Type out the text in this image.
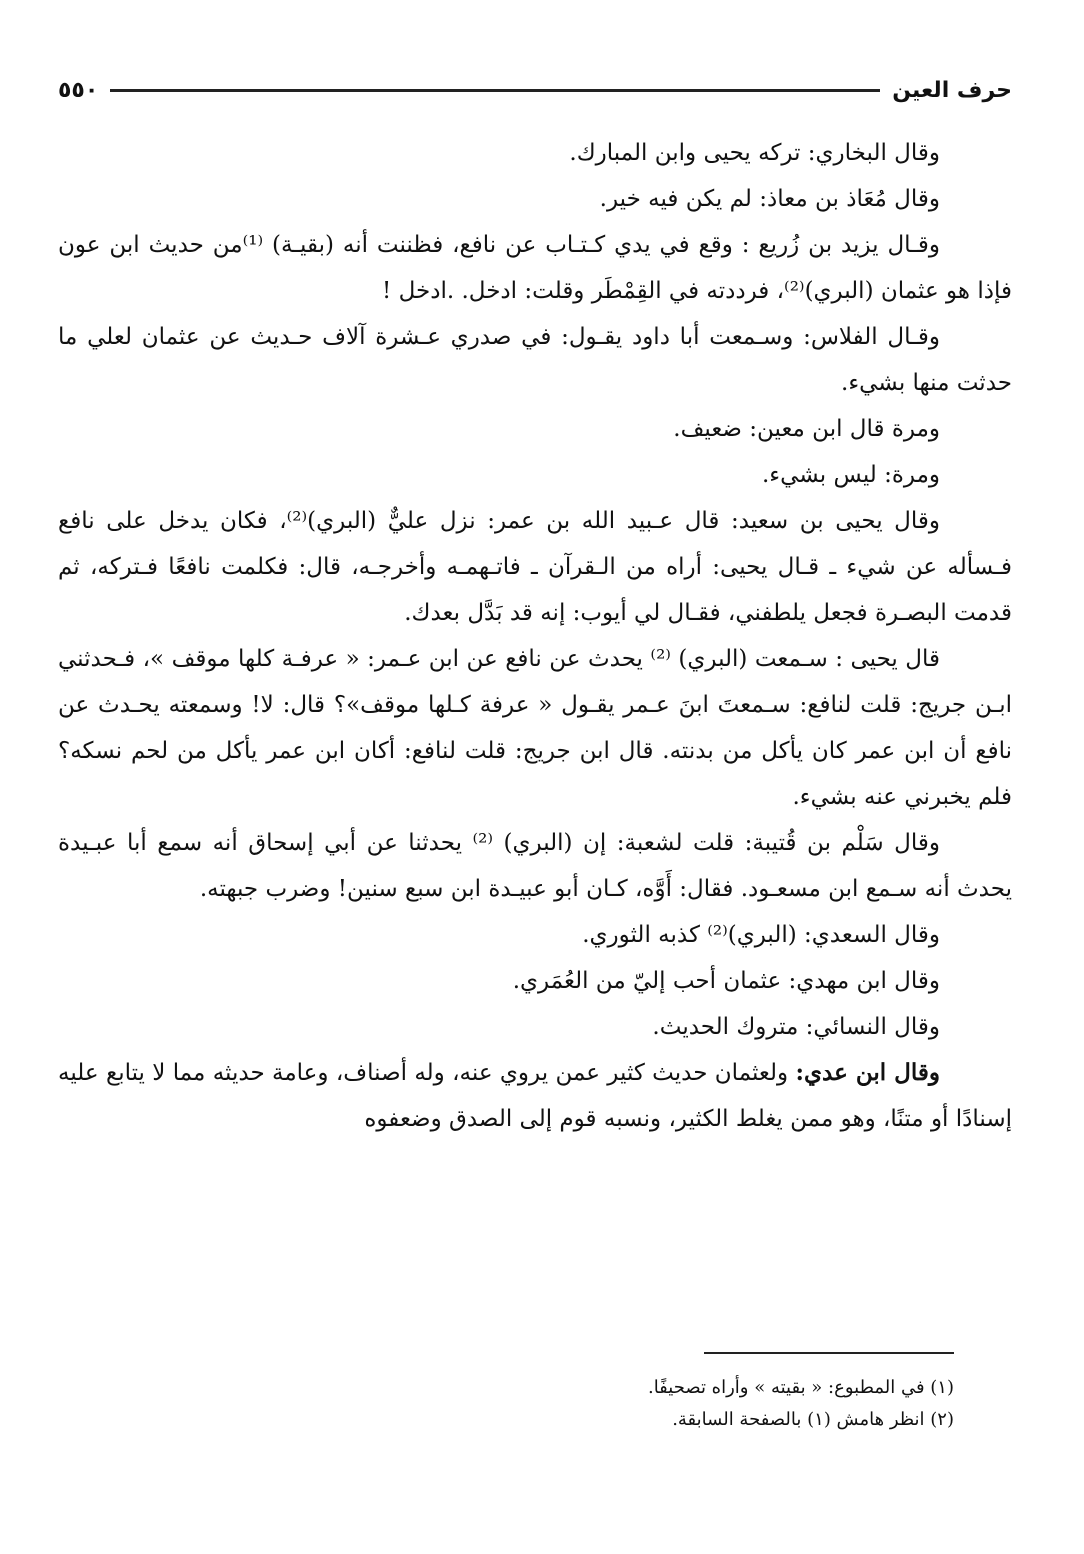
حرف العين
٥٥٠

وقال البخاري: تركه يحيى وابن المبارك.

وقال مُعَاذ بن معاذ: لم يكن فيه خير.

وقـال يزيد بن زُريع : وقع في يدي كـتـاب عن نافع، فظننت أنه (بقيـة) ⁽¹⁾من حديث ابن عون فإذا هو عثمان (البري)⁽²⁾، فرددته في القِمْطَر وقلت: ادخل. .ادخل !

وقـال الفلاس: وسـمعت أبا داود يقـول: في صدري عـشرة آلاف حـديث عن عثمان لعلي ما حدثت منها بشيء.

ومرة قال ابن معين: ضعيف.

ومرة: ليس بشيء.

وقال يحيى بن سعيد: قال عـبيد الله بن عمر: نزل عليٌّ (البري)⁽²⁾، فكان يدخل على نافع فـسأله عن شيء ـ قـال يحيى: أراه من الـقرآن ـ فاتـهمـه وأخرجـه، قال: فكلمت نافعًا فـتركه، ثم قدمت البصـرة فجعل يلطفني، فقـال لي أيوب: إنه قد بَدَّل بعدك.

قال يحيى : سـمعت (البري) ⁽²⁾ يحدث عن نافع عن ابن عـمر: « عرفـة كلها موقف »، فـحدثني ابـن جريج: قلت لنافع: سـمعتَ ابنَ عـمر يقـول « عرفة كـلها موقف»؟ قال: لا! وسمعته يحـدث عن نافع أن ابن عمر كان يأكل من بدنته. قال ابن جريج: قلت لنافع: أكان ابن عمر يأكل من لحم نسكه؟ فلم يخبرني عنه بشيء.

وقال سَلْم بن قُتيبة: قلت لشعبة: إن (البري) ⁽²⁾ يحدثنا عن أبي إسحاق أنه سمع أبا عبـيدة يحدث أنه سـمع ابن مسعـود. فقال: أَوَّه، كـان أبو عبيـدة ابن سبع سنين! وضرب جبهته.

وقال السعدي: (البري)⁽²⁾ كذبه الثوري.

وقال ابن مهدي: عثمان أحب إليّ من العُمَري.

وقال النسائي: متروك الحديث.

وقال ابن عدي: ولعثمان حديث كثير عمن يروي عنه، وله أصناف، وعامة حديثه مما لا يتابع عليه إسنادًا أو متنًا، وهو ممن يغلط الكثير، ونسبه قوم إلى الصدق وضعفوه

(١) في المطبوع: « بقيته » وأراه تصحيفًا.

(٢) انظر هامش (١) بالصفحة السابقة.
